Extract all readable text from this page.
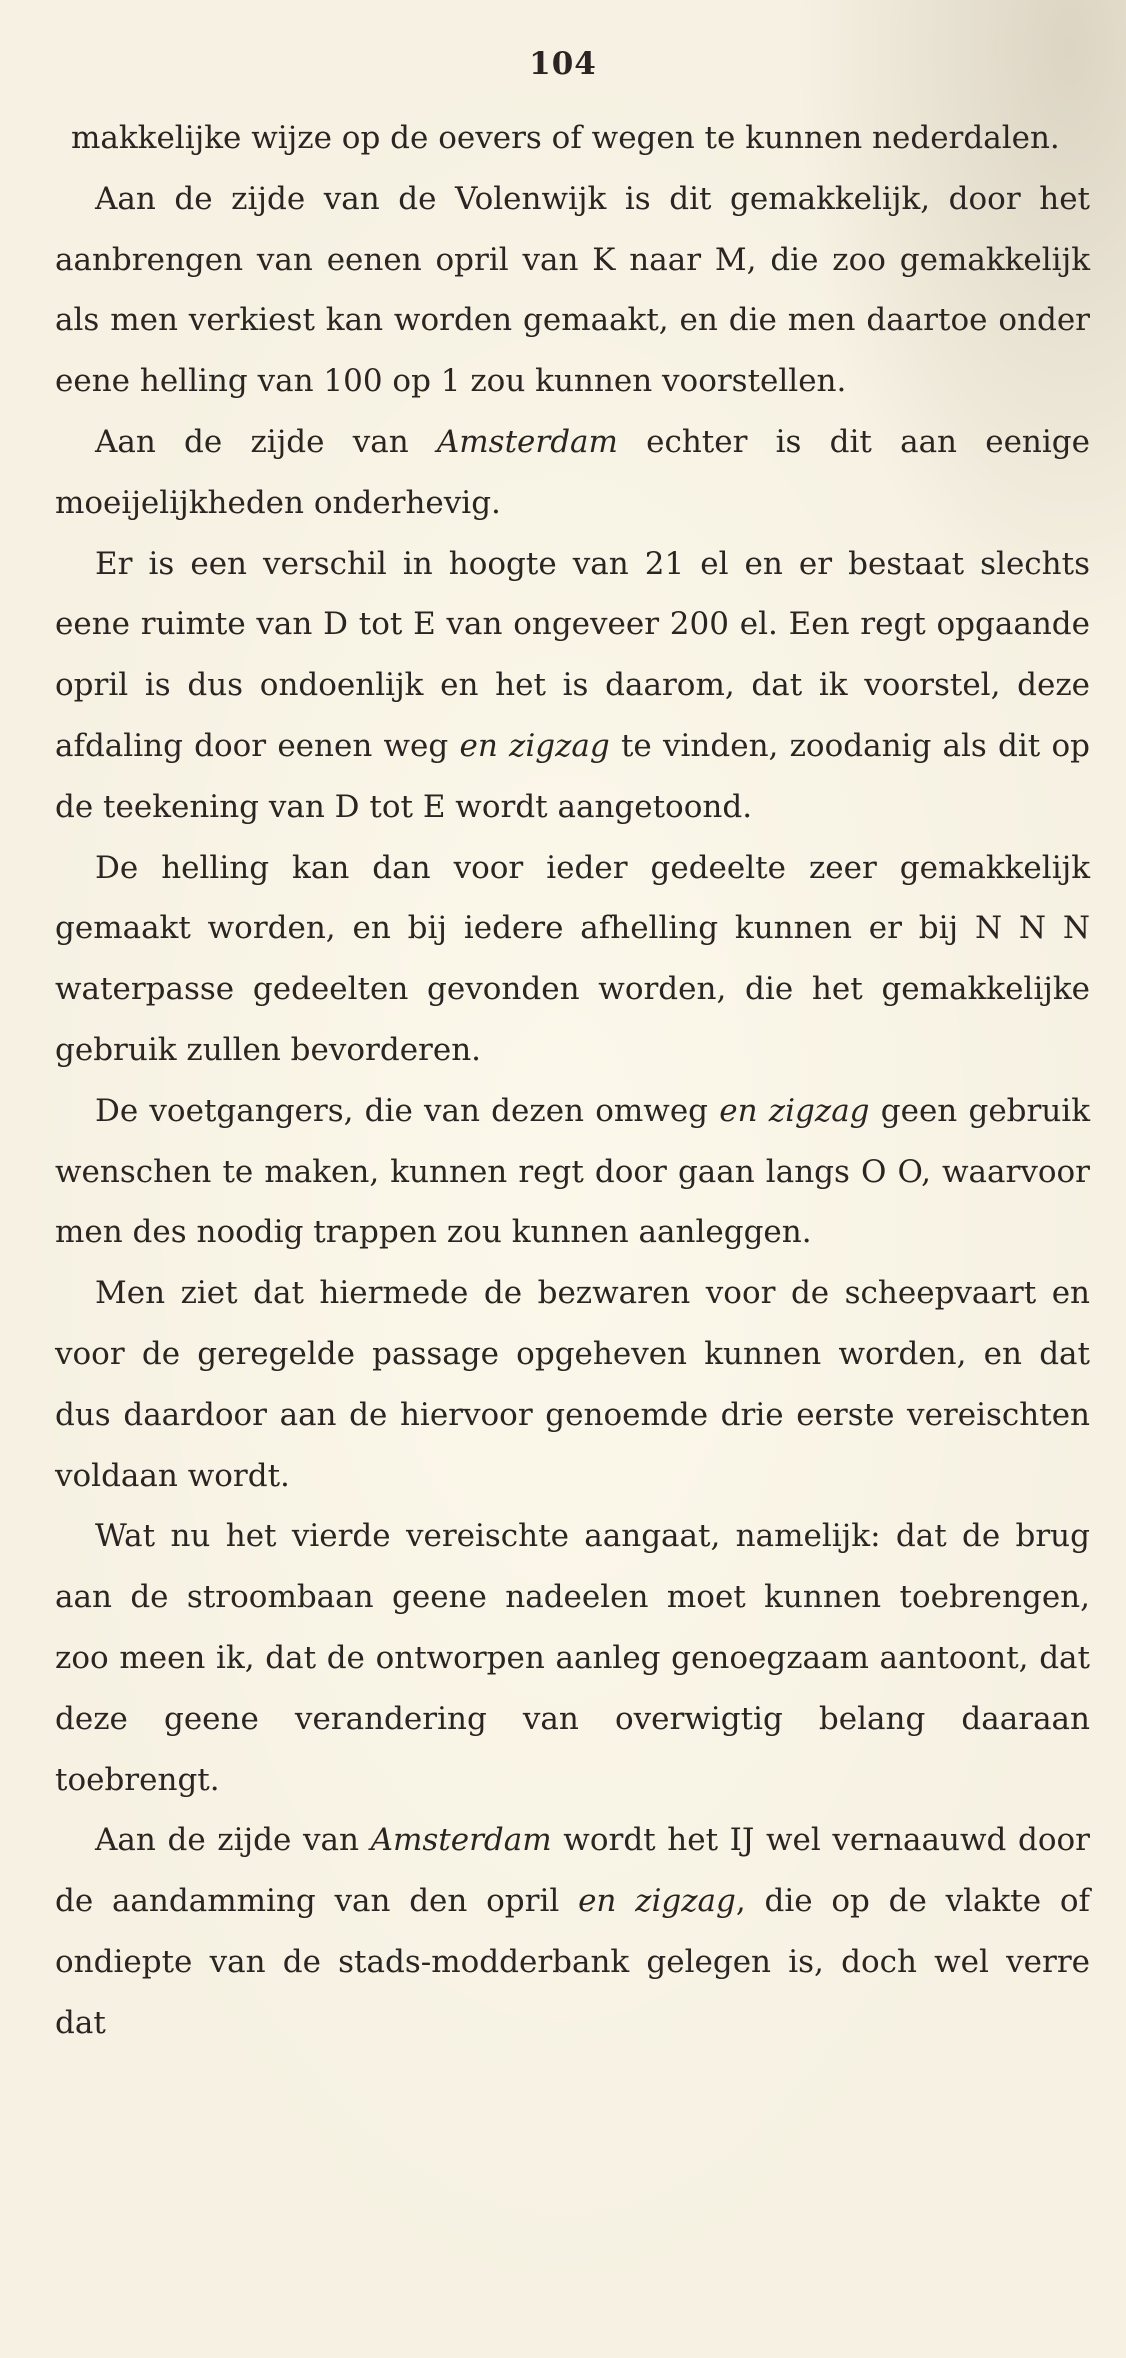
104

makkelijke wijze op de oevers of wegen te kunnen nederdalen.

Aan de zijde van de Volenwijk is dit gemakkelijk, door het aanbrengen van eenen opril van K naar M, die zoo gemakkelijk als men verkiest kan worden gemaakt, en die men daartoe onder eene helling van 100 op 1 zou kunnen voorstellen.

Aan de zijde van Amsterdam echter is dit aan eenige moeijelijkheden onderhevig.

Er is een verschil in hoogte van 21 el en er bestaat slechts eene ruimte van D tot E van ongeveer 200 el. Een regt opgaande opril is dus ondoenlijk en het is daarom, dat ik voorstel, deze afdaling door eenen weg en zigzag te vinden, zoodanig als dit op de teekening van D tot E wordt aangetoond.

De helling kan dan voor ieder gedeelte zeer gemakkelijk gemaakt worden, en bij iedere afhelling kunnen er bij N N N waterpasse gedeelten gevonden worden, die het gemakkelijke gebruik zullen bevorderen.

De voetgangers, die van dezen omweg en zigzag geen gebruik wenschen te maken, kunnen regt door gaan langs O O, waarvoor men des noodig trappen zou kunnen aanleggen.

Men ziet dat hiermede de bezwaren voor de scheepvaart en voor de geregelde passage opgeheven kunnen worden, en dat dus daardoor aan de hiervoor genoemde drie eerste vereischten voldaan wordt.

Wat nu het vierde vereischte aangaat, namelijk: dat de brug aan de stroombaan geene nadeelen moet kunnen toebrengen, zoo meen ik, dat de ontworpen aanleg genoegzaam aantoont, dat deze geene verandering van overwigtig belang daaraan toebrengt.

Aan de zijde van Amsterdam wordt het IJ wel vernaauwd door de aandamming van den opril en zigzag, die op de vlakte of ondiepte van de stads-modderbank gelegen is, doch wel verre dat
